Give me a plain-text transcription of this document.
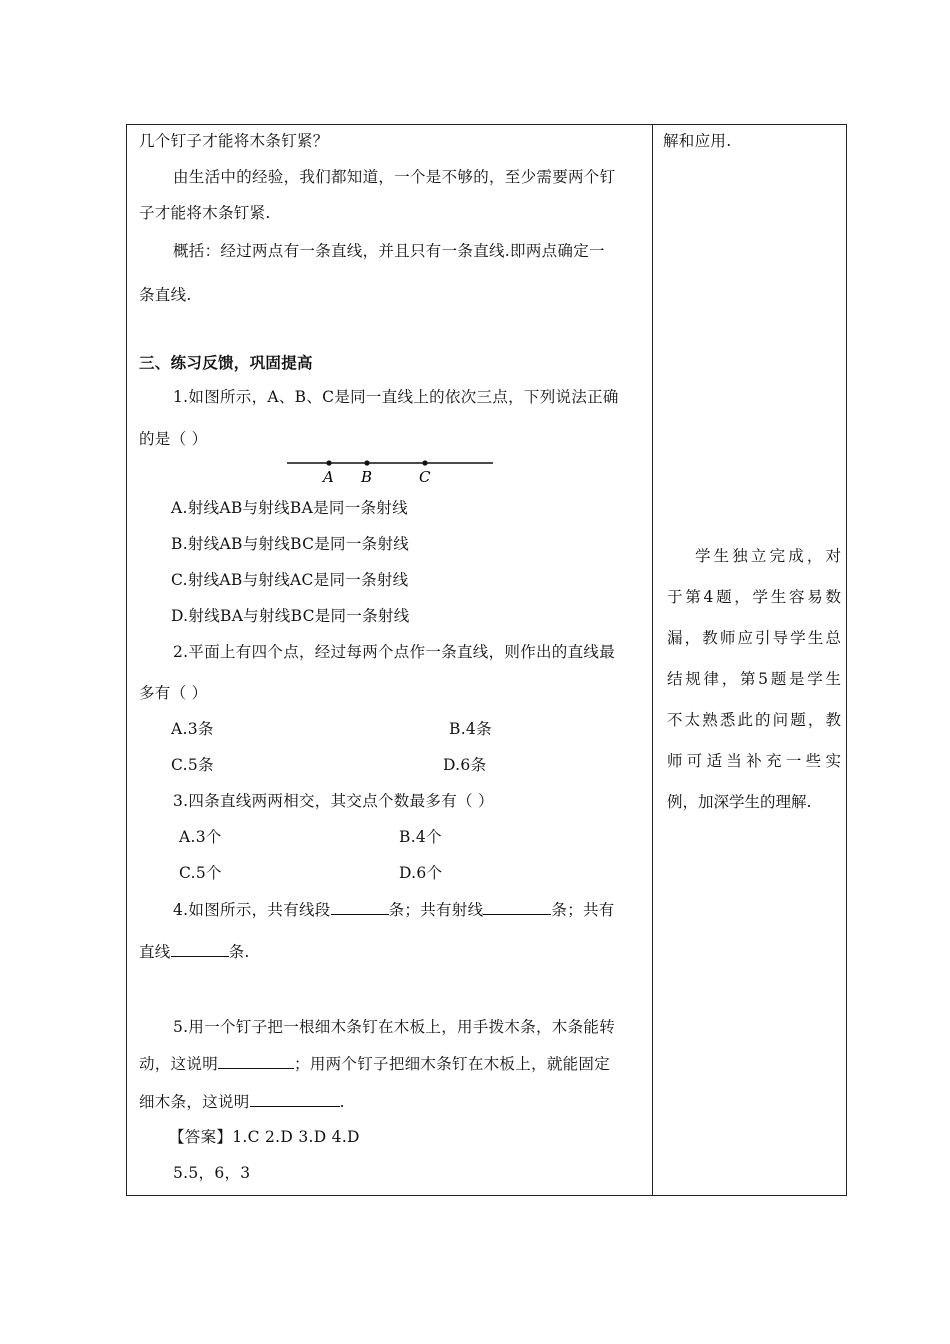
几个钉子才能将木条钉紧？
由生活中的经验，我们都知道，一个是不够的，至少需要两个钉
子才能将木条钉紧.
概括：经过两点有一条直线，并且只有一条直线.即两点确定一
条直线.
三、练习反馈，巩固提高
1.如图所示，A、B、C是同一直线上的依次三点，下列说法正确
的是（ ）
A B	C
A.射线AB与射线BA是同一条射线
B.射线AB与射线BC是同一条射线
C.射线AB与射线AC是同一条射线
D.射线BA与射线BC是同一条射线
2.平面上有四个点，经过每两个点作一条直线，则作出的直线最
多有（ ）
A.3条	B.4条
C.5条	D.6条
3.四条直线两两相交，其交点个数最多有（ ）
A.3个	B.4个
C.5个	D.6个
4.如图所示，共有线段	条；共有射线	条；共有
直线	条.
5.用一个钉子把一根细木条钉在木板上，用手拨木条，木条能转
动，这说明	；用两个钉子把细木条钉在木板上，就能固定
细木条，这说明	.
【答案】1.C 2.D 3.D 4.D
5.5，6，3
解和应用.
学生独立完成，对
于第4题，学生容易数
漏，教师应引导学生总
结规律，第5题是学生
不太熟悉此的问题，教
师可适当补充一些实
例，加深学生的理解.
